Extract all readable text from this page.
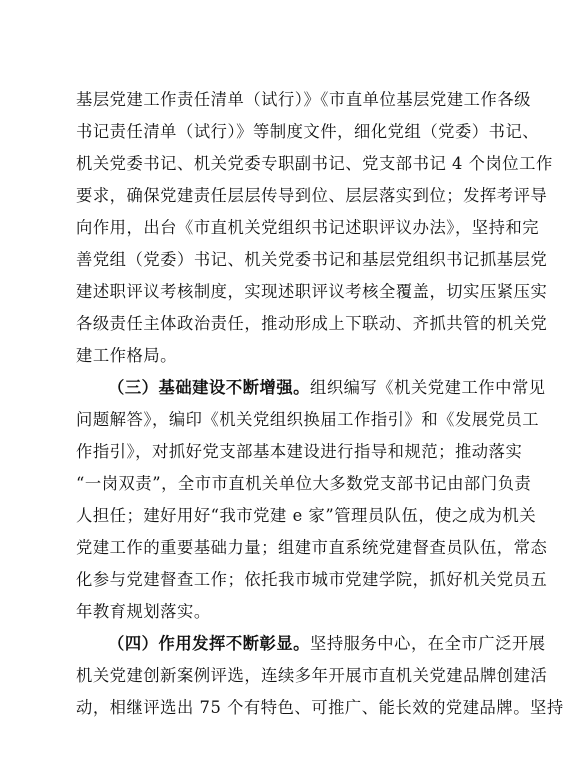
基层党建工作责任清单（试行）》《市直单位基层党建工作各级
书记责任清单（试行）》等制度文件，细化党组（党委）书记、
机关党委书记、机关党委专职副书记、党支部书记 4 个岗位工作
要求，确保党建责任层层传导到位、层层落实到位；发挥考评导
向作用，出台《市直机关党组织书记述职评议办法》，坚持和完
善党组（党委）书记、机关党委书记和基层党组织书记抓基层党
建述职评议考核制度，实现述职评议考核全覆盖，切实压紧压实
各级责任主体政治责任，推动形成上下联动、齐抓共管的机关党
建工作格局。
（三）基础建设不断增强。组织编写《机关党建工作中常见
问题解答》，编印《机关党组织换届工作指引》和《发展党员工
作指引》，对抓好党支部基本建设进行指导和规范；推动落实
“一岗双责”，全市市直机关单位大多数党支部书记由部门负责
人担任；建好用好“我市党建 e 家”管理员队伍，使之成为机关
党建工作的重要基础力量；组建市直系统党建督查员队伍，常态
化参与党建督查工作；依托我市城市党建学院，抓好机关党员五
年教育规划落实。
（四）作用发挥不断彰显。坚持服务中心，在全市广泛开展
机关党建创新案例评选，连续多年开展市直机关党建品牌创建活
动，相继评选出 75 个有特色、可推广、能长效的党建品牌。坚持
